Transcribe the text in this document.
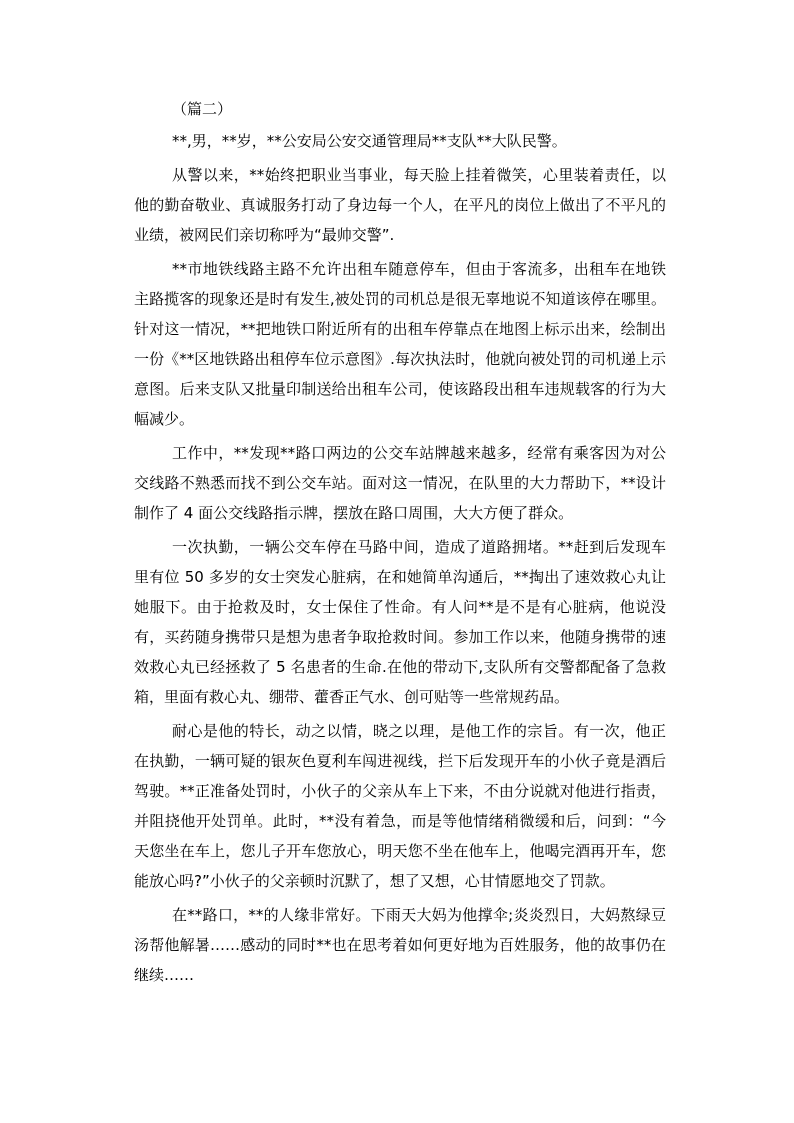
（篇二）

**,男，**岁，**公安局公安交通管理局**支队**大队民警。

从警以来，**始终把职业当事业，每天脸上挂着微笑，心里装着责任，以他的勤奋敬业、真诚服务打动了身边每一个人，在平凡的岗位上做出了不平凡的业绩，被网民们亲切称呼为“最帅交警”.

**市地铁线路主路不允许出租车随意停车，但由于客流多，出租车在地铁主路揽客的现象还是时有发生,被处罚的司机总是很无辜地说不知道该停在哪里。针对这一情况，**把地铁口附近所有的出租车停靠点在地图上标示出来，绘制出一份《**区地铁路出租停车位示意图》.每次执法时，他就向被处罚的司机递上示意图。后来支队又批量印制送给出租车公司，使该路段出租车违规载客的行为大幅减少。

工作中，**发现**路口两边的公交车站牌越来越多，经常有乘客因为对公交线路不熟悉而找不到公交车站。面对这一情况，在队里的大力帮助下，**设计制作了 4 面公交线路指示牌，摆放在路口周围，大大方便了群众。

一次执勤，一辆公交车停在马路中间，造成了道路拥堵。**赶到后发现车里有位 50 多岁的女士突发心脏病，在和她简单沟通后，**掏出了速效救心丸让她服下。由于抢救及时，女士保住了性命。有人问**是不是有心脏病，他说没有，买药随身携带只是想为患者争取抢救时间。参加工作以来，他随身携带的速效救心丸已经拯救了 5 名患者的生命.在他的带动下,支队所有交警都配备了急救箱，里面有救心丸、绷带、藿香正气水、创可贴等一些常规药品。

耐心是他的特长，动之以情，晓之以理，是他工作的宗旨。有一次，他正在执勤，一辆可疑的银灰色夏利车闯进视线，拦下后发现开车的小伙子竟是酒后驾驶。**正准备处罚时，小伙子的父亲从车上下来，不由分说就对他进行指责，并阻挠他开处罚单。此时，**没有着急，而是等他情绪稍微缓和后，问到：“今天您坐在车上，您儿子开车您放心，明天您不坐在他车上，他喝完酒再开车，您能放心吗?”小伙子的父亲顿时沉默了，想了又想，心甘情愿地交了罚款。

在**路口，**的人缘非常好。下雨天大妈为他撑伞;炎炎烈日，大妈熬绿豆汤帮他解暑……感动的同时**也在思考着如何更好地为百姓服务，他的故事仍在继续……
